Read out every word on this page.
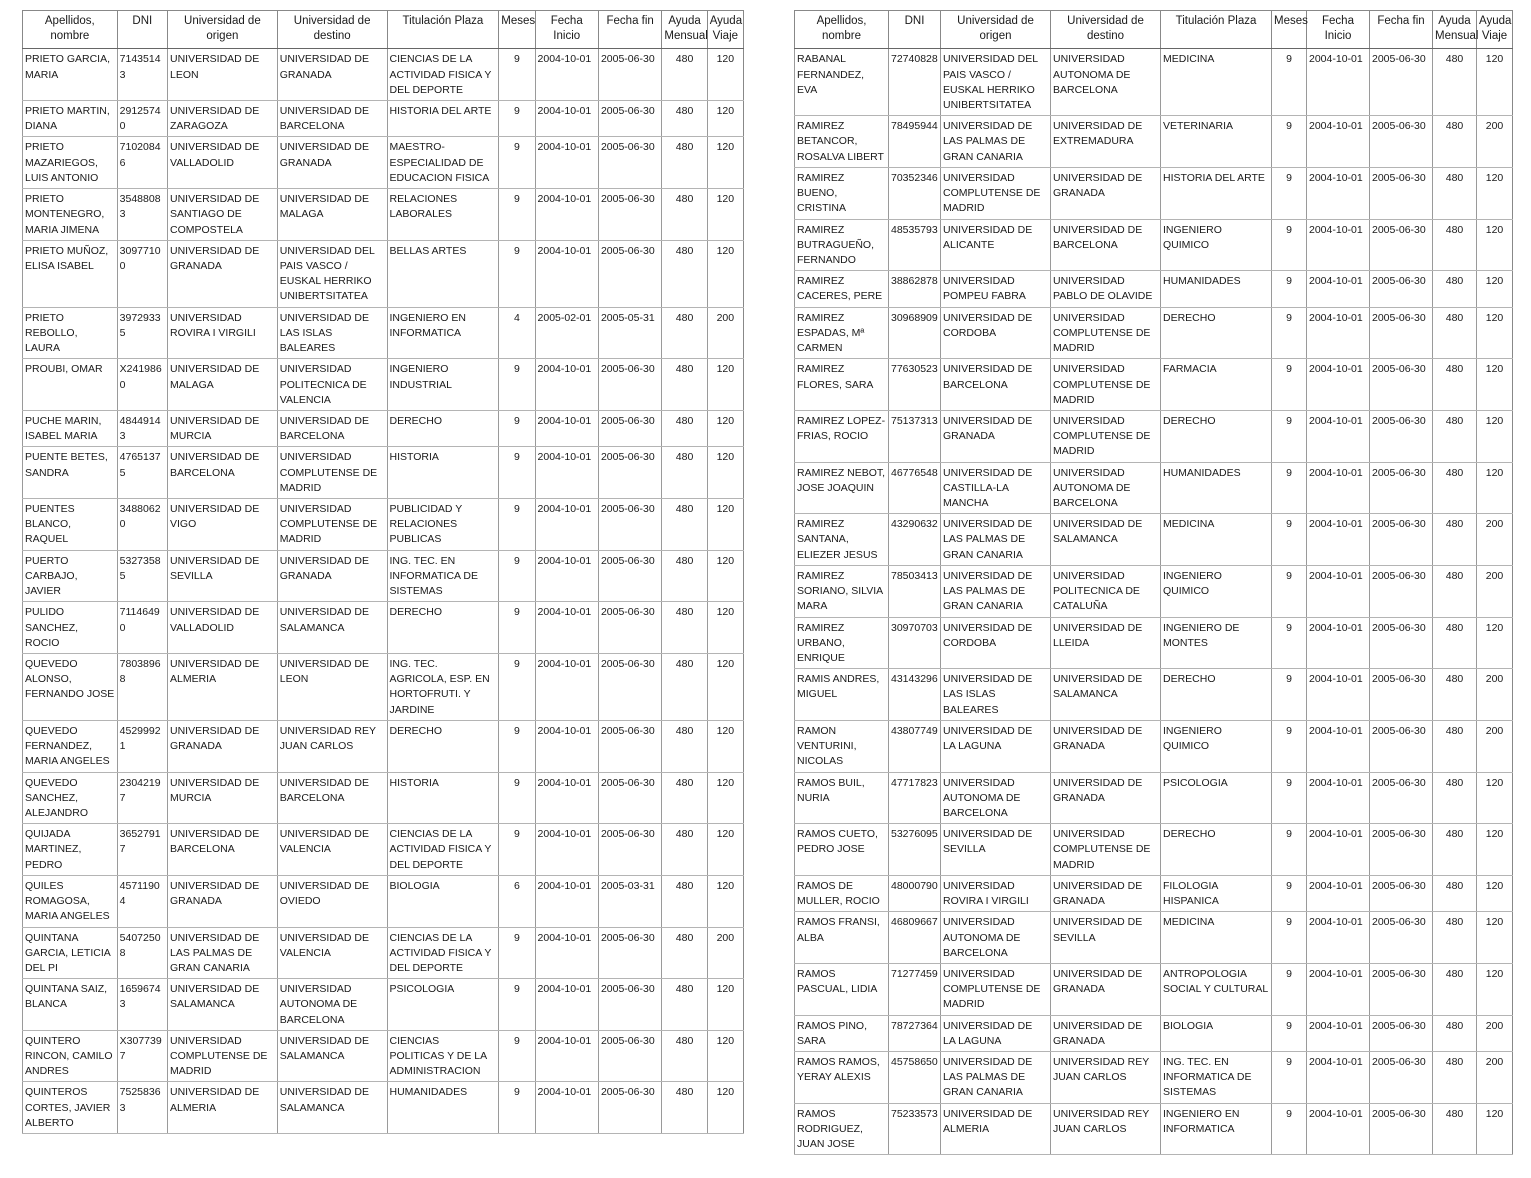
Apellidos, nombre	DNI	Universidad de origen	Universidad de destino	Titulación Plaza	Meses	Fecha Inicio	Fecha fin	Ayuda Mensual	Ayuda Viaje
PRIETO GARCIA, MARIA	71435143	UNIVERSIDAD DE LEON	UNIVERSIDAD DE GRANADA	CIENCIAS DE LA ACTIVIDAD FISICA Y DEL DEPORTE	9	2004-10-01	2005-06-30	480	120
PRIETO MARTIN, DIANA	29125740	UNIVERSIDAD DE ZARAGOZA	UNIVERSIDAD DE BARCELONA	HISTORIA DEL ARTE	9	2004-10-01	2005-06-30	480	120
PRIETO MAZARIEGOS, LUIS ANTONIO	71020846	UNIVERSIDAD DE VALLADOLID	UNIVERSIDAD DE GRANADA	MAESTRO-ESPECIALIDAD DE EDUCACION FISICA	9	2004-10-01	2005-06-30	480	120
PRIETO MONTENEGRO, MARIA JIMENA	35488083	UNIVERSIDAD DE SANTIAGO DE COMPOSTELA	UNIVERSIDAD DE MALAGA	RELACIONES LABORALES	9	2004-10-01	2005-06-30	480	120
PRIETO MUÑOZ, ELISA ISABEL	30977100	UNIVERSIDAD DE GRANADA	UNIVERSIDAD DEL PAIS VASCO / EUSKAL HERRIKO UNIBERTSITATEA	BELLAS ARTES	9	2004-10-01	2005-06-30	480	120
PRIETO REBOLLO, LAURA	39729335	UNIVERSIDAD ROVIRA I VIRGILI	UNIVERSIDAD DE LAS ISLAS BALEARES	INGENIERO EN INFORMATICA	4	2005-02-01	2005-05-31	480	200
PROUBI, OMAR	X2419860	UNIVERSIDAD DE MALAGA	UNIVERSIDAD POLITECNICA DE VALENCIA	INGENIERO INDUSTRIAL	9	2004-10-01	2005-06-30	480	120
PUCHE MARIN, ISABEL MARIA	48449143	UNIVERSIDAD DE MURCIA	UNIVERSIDAD DE BARCELONA	DERECHO	9	2004-10-01	2005-06-30	480	120
PUENTE BETES, SANDRA	47651375	UNIVERSIDAD DE BARCELONA	UNIVERSIDAD COMPLUTENSE DE MADRID	HISTORIA	9	2004-10-01	2005-06-30	480	120
PUENTES BLANCO, RAQUEL	34880620	UNIVERSIDAD DE VIGO	UNIVERSIDAD COMPLUTENSE DE MADRID	PUBLICIDAD Y RELACIONES PUBLICAS	9	2004-10-01	2005-06-30	480	120
PUERTO CARBAJO, JAVIER	53273585	UNIVERSIDAD DE SEVILLA	UNIVERSIDAD DE GRANADA	ING. TEC. EN INFORMATICA DE SISTEMAS	9	2004-10-01	2005-06-30	480	120
PULIDO SANCHEZ, ROCIO	71146490	UNIVERSIDAD DE VALLADOLID	UNIVERSIDAD DE SALAMANCA	DERECHO	9	2004-10-01	2005-06-30	480	120
QUEVEDO ALONSO, FERNANDO JOSE	78038968	UNIVERSIDAD DE ALMERIA	UNIVERSIDAD DE LEON	ING. TEC. AGRICOLA, ESP. EN HORTOFRUTI. Y JARDINE	9	2004-10-01	2005-06-30	480	120
QUEVEDO FERNANDEZ, MARIA ANGELES	45299921	UNIVERSIDAD DE GRANADA	UNIVERSIDAD REY JUAN CARLOS	DERECHO	9	2004-10-01	2005-06-30	480	120
QUEVEDO SANCHEZ, ALEJANDRO	23042197	UNIVERSIDAD DE MURCIA	UNIVERSIDAD DE BARCELONA	HISTORIA	9	2004-10-01	2005-06-30	480	120
QUIJADA MARTINEZ, PEDRO	36527917	UNIVERSIDAD DE BARCELONA	UNIVERSIDAD DE VALENCIA	CIENCIAS DE LA ACTIVIDAD FISICA Y DEL DEPORTE	9	2004-10-01	2005-06-30	480	120
QUILES ROMAGOSA, MARIA ANGELES	45711904	UNIVERSIDAD DE GRANADA	UNIVERSIDAD DE OVIEDO	BIOLOGIA	6	2004-10-01	2005-03-31	480	120
QUINTANA GARCIA, LETICIA DEL PI	54072508	UNIVERSIDAD DE LAS PALMAS DE GRAN CANARIA	UNIVERSIDAD DE VALENCIA	CIENCIAS DE LA ACTIVIDAD FISICA Y DEL DEPORTE	9	2004-10-01	2005-06-30	480	200
QUINTANA SAIZ, BLANCA	16596743	UNIVERSIDAD DE SALAMANCA	UNIVERSIDAD AUTONOMA DE BARCELONA	PSICOLOGIA	9	2004-10-01	2005-06-30	480	120
QUINTERO RINCON, CAMILO ANDRES	X3077397	UNIVERSIDAD COMPLUTENSE DE MADRID	UNIVERSIDAD DE SALAMANCA	CIENCIAS POLITICAS Y DE LA ADMINISTRACION	9	2004-10-01	2005-06-30	480	120
QUINTEROS CORTES, JAVIER ALBERTO	75258363	UNIVERSIDAD DE ALMERIA	UNIVERSIDAD DE SALAMANCA	HUMANIDADES	9	2004-10-01	2005-06-30	480	120
Apellidos, nombre	DNI	Universidad de origen	Universidad de destino	Titulación Plaza	Meses	Fecha Inicio	Fecha fin	Ayuda Mensual	Ayuda Viaje
RABANAL FERNANDEZ, EVA	72740828	UNIVERSIDAD DEL PAIS VASCO / EUSKAL HERRIKO UNIBERTSITATEA	UNIVERSIDAD AUTONOMA DE BARCELONA	MEDICINA	9	2004-10-01	2005-06-30	480	120
RAMIREZ BETANCOR, ROSALVA LIBERT	78495944	UNIVERSIDAD DE LAS PALMAS DE GRAN CANARIA	UNIVERSIDAD DE EXTREMADURA	VETERINARIA	9	2004-10-01	2005-06-30	480	200
RAMIREZ BUENO, CRISTINA	70352346	UNIVERSIDAD COMPLUTENSE DE MADRID	UNIVERSIDAD DE GRANADA	HISTORIA DEL ARTE	9	2004-10-01	2005-06-30	480	120
RAMIREZ BUTRAGUEÑO, FERNANDO	48535793	UNIVERSIDAD DE ALICANTE	UNIVERSIDAD DE BARCELONA	INGENIERO QUIMICO	9	2004-10-01	2005-06-30	480	120
RAMIREZ CACERES, PERE	38862878	UNIVERSIDAD POMPEU FABRA	UNIVERSIDAD PABLO DE OLAVIDE	HUMANIDADES	9	2004-10-01	2005-06-30	480	120
RAMIREZ ESPADAS, Mª CARMEN	30968909	UNIVERSIDAD DE CORDOBA	UNIVERSIDAD COMPLUTENSE DE MADRID	DERECHO	9	2004-10-01	2005-06-30	480	120
RAMIREZ FLORES, SARA	77630523	UNIVERSIDAD DE BARCELONA	UNIVERSIDAD COMPLUTENSE DE MADRID	FARMACIA	9	2004-10-01	2005-06-30	480	120
RAMIREZ LOPEZ-FRIAS, ROCIO	75137313	UNIVERSIDAD DE GRANADA	UNIVERSIDAD COMPLUTENSE DE MADRID	DERECHO	9	2004-10-01	2005-06-30	480	120
RAMIREZ NEBOT, JOSE JOAQUIN	46776548	UNIVERSIDAD DE CASTILLA-LA MANCHA	UNIVERSIDAD AUTONOMA DE BARCELONA	HUMANIDADES	9	2004-10-01	2005-06-30	480	120
RAMIREZ SANTANA, ELIEZER JESUS	43290632	UNIVERSIDAD DE LAS PALMAS DE GRAN CANARIA	UNIVERSIDAD DE SALAMANCA	MEDICINA	9	2004-10-01	2005-06-30	480	200
RAMIREZ SORIANO, SILVIA MARA	78503413	UNIVERSIDAD DE LAS PALMAS DE GRAN CANARIA	UNIVERSIDAD POLITECNICA DE CATALUÑA	INGENIERO QUIMICO	9	2004-10-01	2005-06-30	480	200
RAMIREZ URBANO, ENRIQUE	30970703	UNIVERSIDAD DE CORDOBA	UNIVERSIDAD DE LLEIDA	INGENIERO DE MONTES	9	2004-10-01	2005-06-30	480	120
RAMIS ANDRES, MIGUEL	43143296	UNIVERSIDAD DE LAS ISLAS BALEARES	UNIVERSIDAD DE SALAMANCA	DERECHO	9	2004-10-01	2005-06-30	480	200
RAMON VENTURINI, NICOLAS	43807749	UNIVERSIDAD DE LA LAGUNA	UNIVERSIDAD DE GRANADA	INGENIERO QUIMICO	9	2004-10-01	2005-06-30	480	200
RAMOS BUIL, NURIA	47717823	UNIVERSIDAD AUTONOMA DE BARCELONA	UNIVERSIDAD DE GRANADA	PSICOLOGIA	9	2004-10-01	2005-06-30	480	120
RAMOS CUETO, PEDRO JOSE	53276095	UNIVERSIDAD DE SEVILLA	UNIVERSIDAD COMPLUTENSE DE MADRID	DERECHO	9	2004-10-01	2005-06-30	480	120
RAMOS DE MULLER, ROCIO	48000790	UNIVERSIDAD ROVIRA I VIRGILI	UNIVERSIDAD DE GRANADA	FILOLOGIA HISPANICA	9	2004-10-01	2005-06-30	480	120
RAMOS FRANSI, ALBA	46809667	UNIVERSIDAD AUTONOMA DE BARCELONA	UNIVERSIDAD DE SEVILLA	MEDICINA	9	2004-10-01	2005-06-30	480	120
RAMOS PASCUAL, LIDIA	71277459	UNIVERSIDAD COMPLUTENSE DE MADRID	UNIVERSIDAD DE GRANADA	ANTROPOLOGIA SOCIAL Y CULTURAL	9	2004-10-01	2005-06-30	480	120
RAMOS PINO, SARA	78727364	UNIVERSIDAD DE LA LAGUNA	UNIVERSIDAD DE GRANADA	BIOLOGIA	9	2004-10-01	2005-06-30	480	200
RAMOS RAMOS, YERAY ALEXIS	45758650	UNIVERSIDAD DE LAS PALMAS DE GRAN CANARIA	UNIVERSIDAD REY JUAN CARLOS	ING. TEC. EN INFORMATICA DE SISTEMAS	9	2004-10-01	2005-06-30	480	200
RAMOS RODRIGUEZ, JUAN JOSE	75233573	UNIVERSIDAD DE ALMERIA	UNIVERSIDAD REY JUAN CARLOS	INGENIERO EN INFORMATICA	9	2004-10-01	2005-06-30	480	120
